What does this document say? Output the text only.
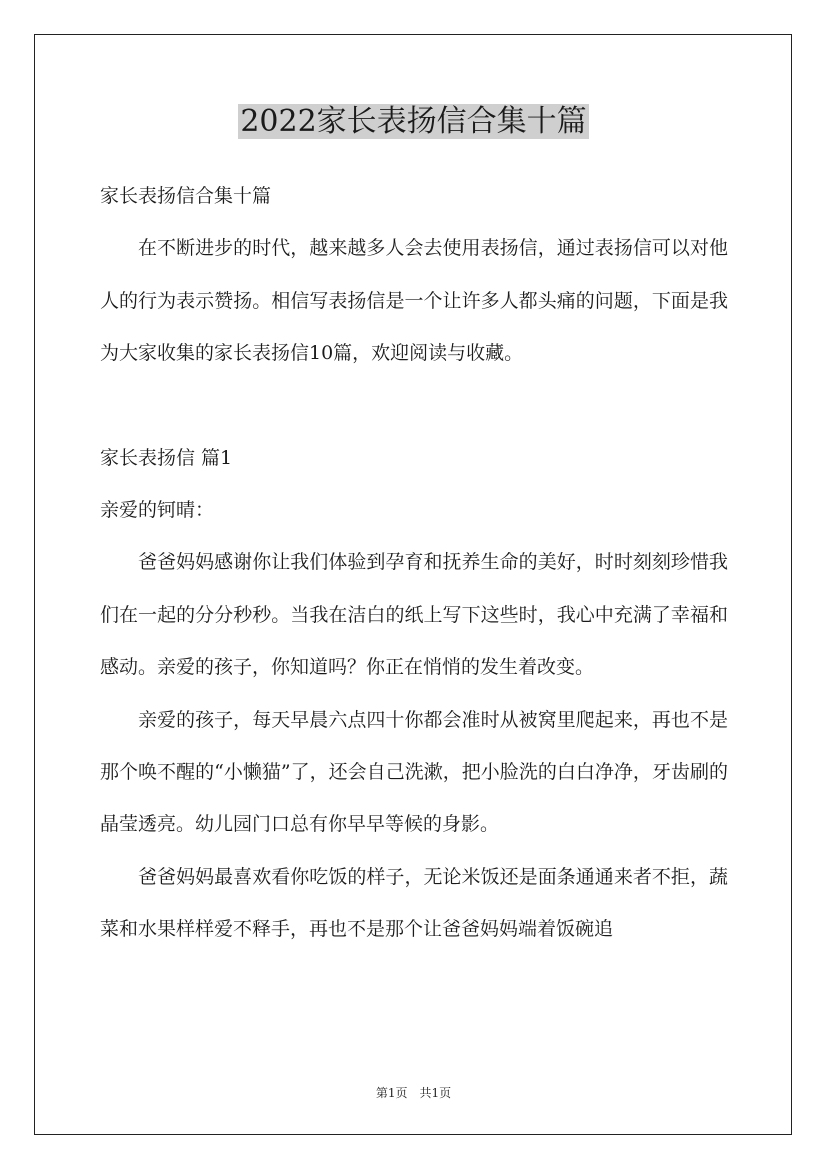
2022家长表扬信合集十篇

家长表扬信合集十篇

在不断进步的时代，越来越多人会去使用表扬信，通过表扬信可以对他人的行为表示赞扬。相信写表扬信是一个让许多人都头痛的问题，下面是我为大家收集的家长表扬信10篇，欢迎阅读与收藏。

家长表扬信 篇1

亲爱的钶晴：

爸爸妈妈感谢你让我们体验到孕育和抚养生命的美好，时时刻刻珍惜我们在一起的分分秒秒。当我在洁白的纸上写下这些时，我心中充满了幸福和感动。亲爱的孩子，你知道吗？你正在悄悄的发生着改变。

亲爱的孩子，每天早晨六点四十你都会准时从被窝里爬起来，再也不是那个唤不醒的“小懒猫”了，还会自己洗漱，把小脸洗的白白净净，牙齿刷的晶莹透亮。幼儿园门口总有你早早等候的身影。

爸爸妈妈最喜欢看你吃饭的样子，无论米饭还是面条通通来者不拒，蔬菜和水果样样爱不释手，再也不是那个让爸爸妈妈端着饭碗追

第1页　共1页
